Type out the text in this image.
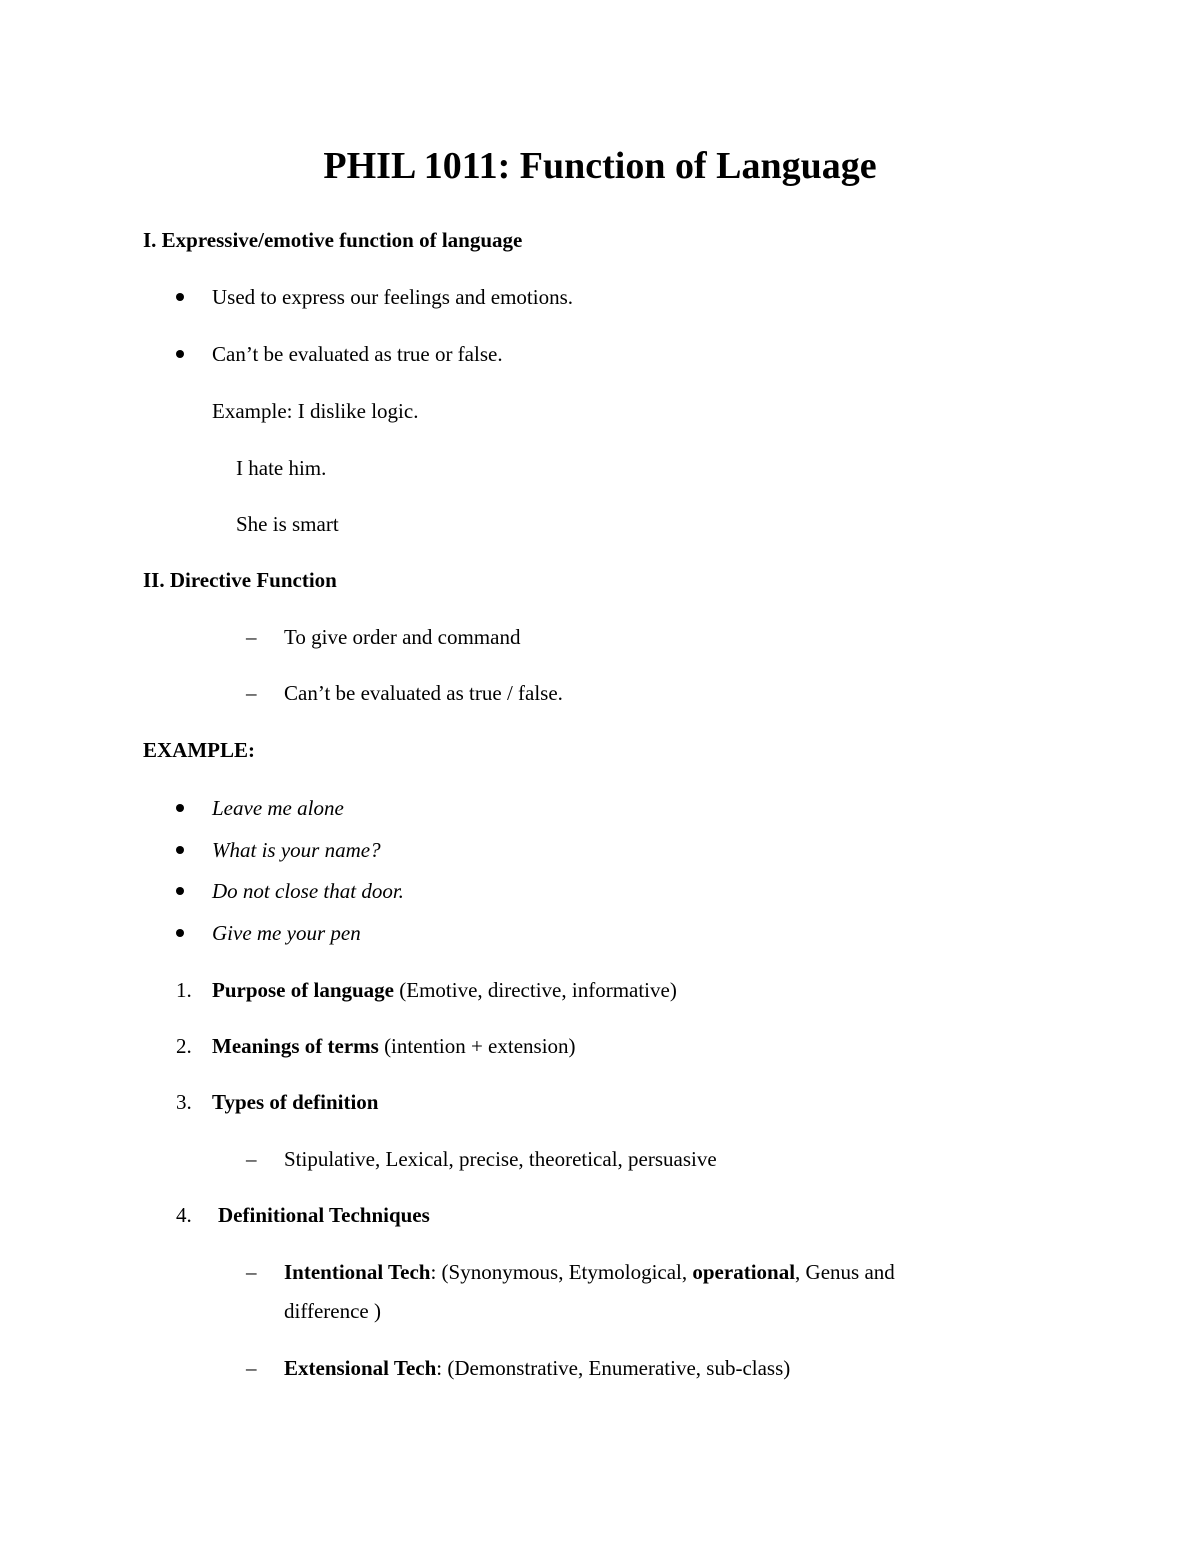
PHIL 1011: Function of Language
I. Expressive/emotive function of language
Used to express our feelings and emotions.
Can’t be evaluated as true or false.
Example: I dislike logic.
I hate him.
She is smart
II. Directive Function
– To give order and command
– Can’t be evaluated as true / false.
EXAMPLE:
Leave me alone
What is your name?
Do not close that door.
Give me your pen
1. Purpose of language (Emotive, directive, informative)
2. Meanings of terms (intention + extension)
3. Types of definition
– Stipulative, Lexical, precise, theoretical, persuasive
4. Definitional Techniques
– Intentional Tech: (Synonymous, Etymological, operational, Genus and
difference )
– Extensional Tech: (Demonstrative, Enumerative, sub-class)
